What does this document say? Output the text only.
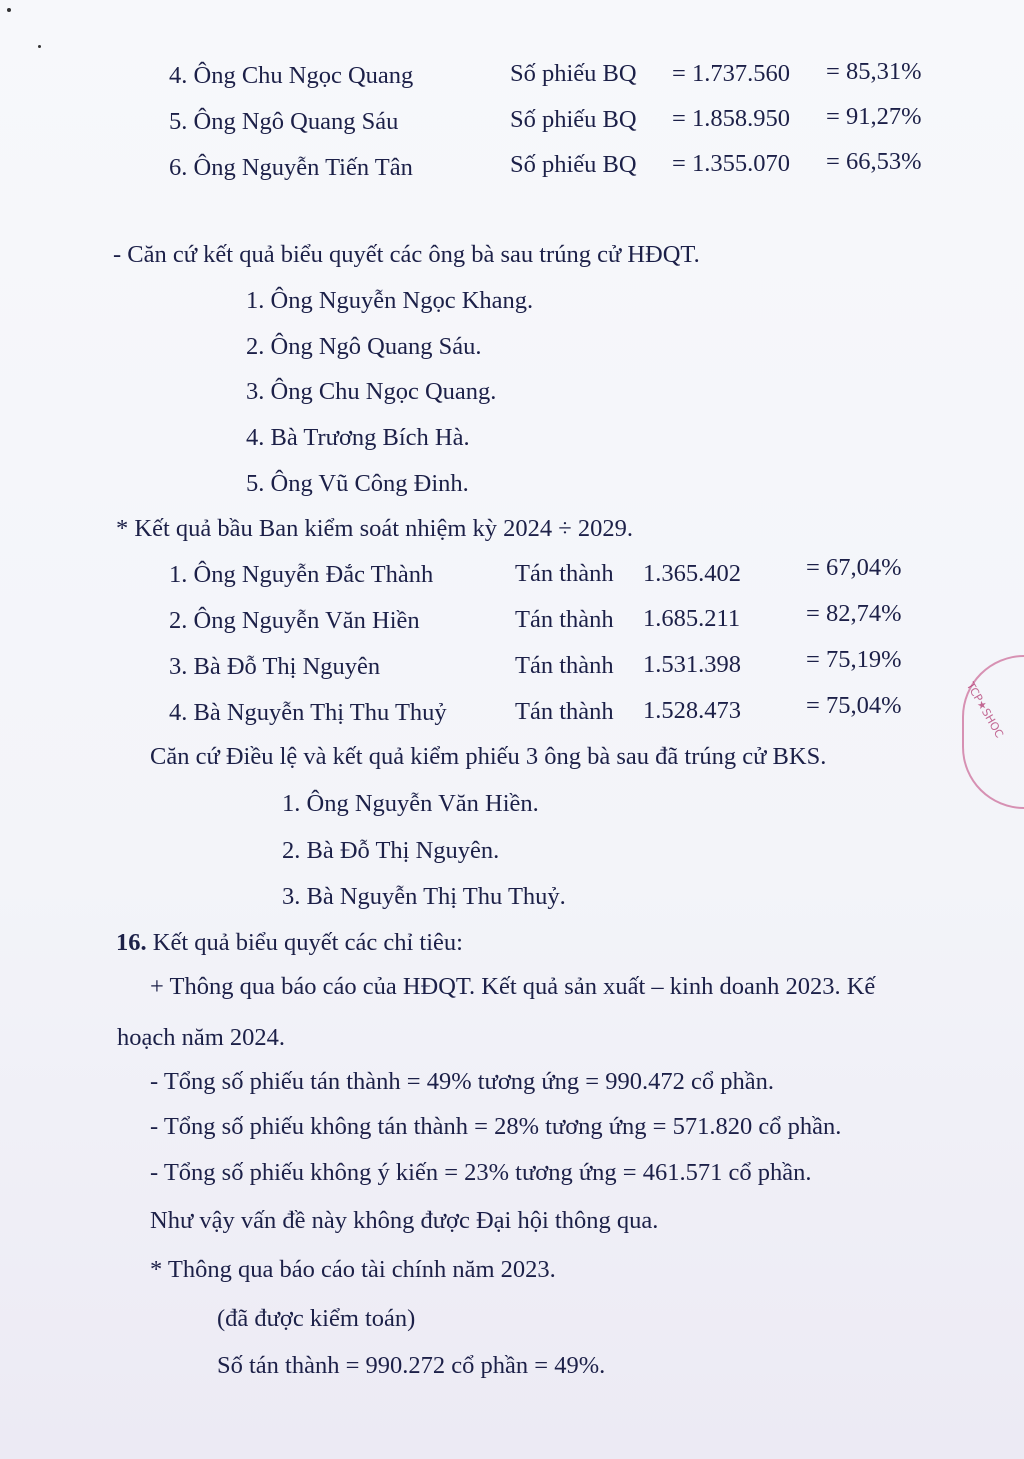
4. Ông Chu Ngọc Quang	Số phiếu BQ = 1.737.560 = 85,31%
5. Ông Ngô Quang Sáu	Số phiếu BQ = 1.858.950 = 91,27%
6. Ông Nguyễn Tiến Tân	Số phiếu BQ = 1.355.070 = 66,53%
- Căn cứ kết quả biểu quyết các ông bà sau trúng cử HĐQT.
1. Ông Nguyễn Ngọc Khang.
2. Ông Ngô Quang Sáu.
3. Ông Chu Ngọc Quang.
4. Bà Trương Bích Hà.
5. Ông Vũ Công Đinh.
* Kết quả bầu Ban kiểm soát nhiệm kỳ 2024 ÷ 2029.
1. Ông Nguyễn Đắc Thành	Tán thành 1.365.402	= 67,04%
2. Ông Nguyễn Văn Hiền	Tán thành 1.685.211	= 82,74%
3. Bà Đỗ Thị Nguyên	Tán thành 1.531.398	= 75,19%
4. Bà Nguyễn Thị Thu Thuỷ	Tán thành 1.528.473	= 75,04%
Căn cứ Điều lệ và kết quả kiểm phiếu 3 ông bà sau đã trúng cử BKS.
1. Ông Nguyễn Văn Hiền.
2. Bà Đỗ Thị Nguyên.
3. Bà Nguyễn Thị Thu Thuỷ.
16. Kết quả biểu quyết các chỉ tiêu:
+ Thông qua báo cáo của HĐQT. Kết quả sản xuất – kinh doanh 2023. Kế
hoạch năm 2024.
- Tổng số phiếu tán thành = 49% tương ứng = 990.472 cổ phần.
- Tổng số phiếu không tán thành = 28% tương ứng = 571.820 cổ phần.
- Tổng số phiếu không ý kiến = 23% tương ứng = 461.571 cổ phần.
Như vậy vấn đề này không được Đại hội thông qua.
* Thông qua báo cáo tài chính năm 2023.
(đã được kiểm toán)
Số tán thành = 990.272 cổ phần = 49%.
TCP★SHOC
